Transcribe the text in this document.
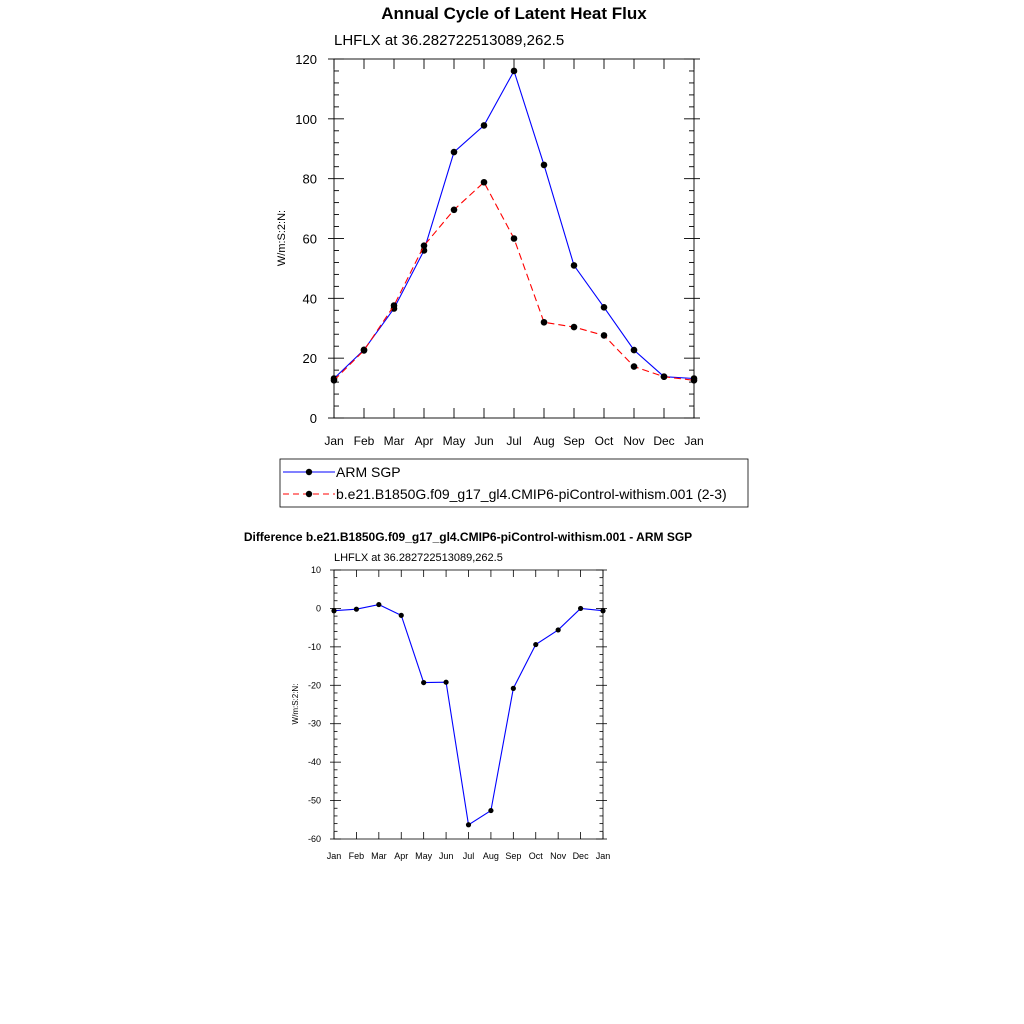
Annual Cycle of Latent Heat Flux
LHFLX at 36.282722513089,262.5
W/m:S:2:N:
Jan Feb Mar Apr May Jun Jul Aug Sep Oct Nov Dec Jan
0
20
40
60
80
100
120
ARM SGP
b.e21.B1850G.f09_g17_gl4.CMIP6-piControl-withism.001 (2-3)
Difference b.e21.B1850G.f09_g17_gl4.CMIP6-piControl-withism.001 - ARM SGP
LHFLX at 36.282722513089,262.5
W/m:S:2:N:
Jan Feb Mar Apr May Jun Jul Aug Sep Oct Nov Dec Jan
-60
-50
-40
-30
-20
-10
0
10
